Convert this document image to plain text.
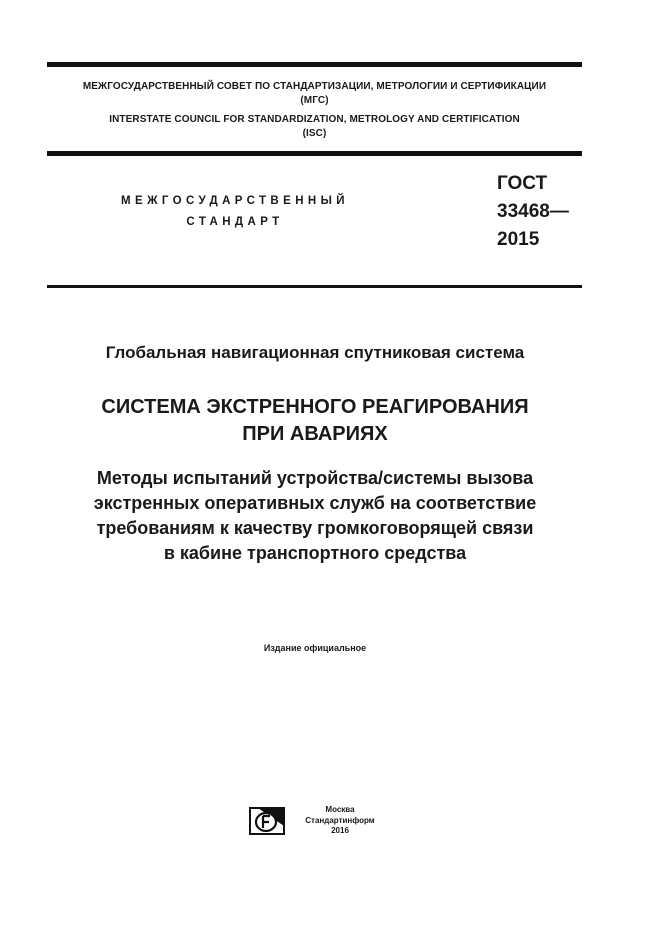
МЕЖГОСУДАРСТВЕННЫЙ СОВЕТ ПО СТАНДАРТИЗАЦИИ, МЕТРОЛОГИИ И СЕРТИФИКАЦИИ
(МГС)
INTERSTATE COUNCIL FOR STANDARDIZATION, METROLOGY AND CERTIFICATION
(ISC)
МЕЖГОСУДАРСТВЕННЫЙ
СТАНДАРТ
ГОСТ
33468—
2015
Глобальная навигационная спутниковая система
СИСТЕМА ЭКСТРЕННОГО РЕАГИРОВАНИЯ
ПРИ АВАРИЯХ
Методы испытаний устройства/системы вызова
экстренных оперативных служб на соответствие
требованиям к качеству громкоговорящей связи
в кабине транспортного средства
Издание официальное
Москва
Стандартинформ
2016
